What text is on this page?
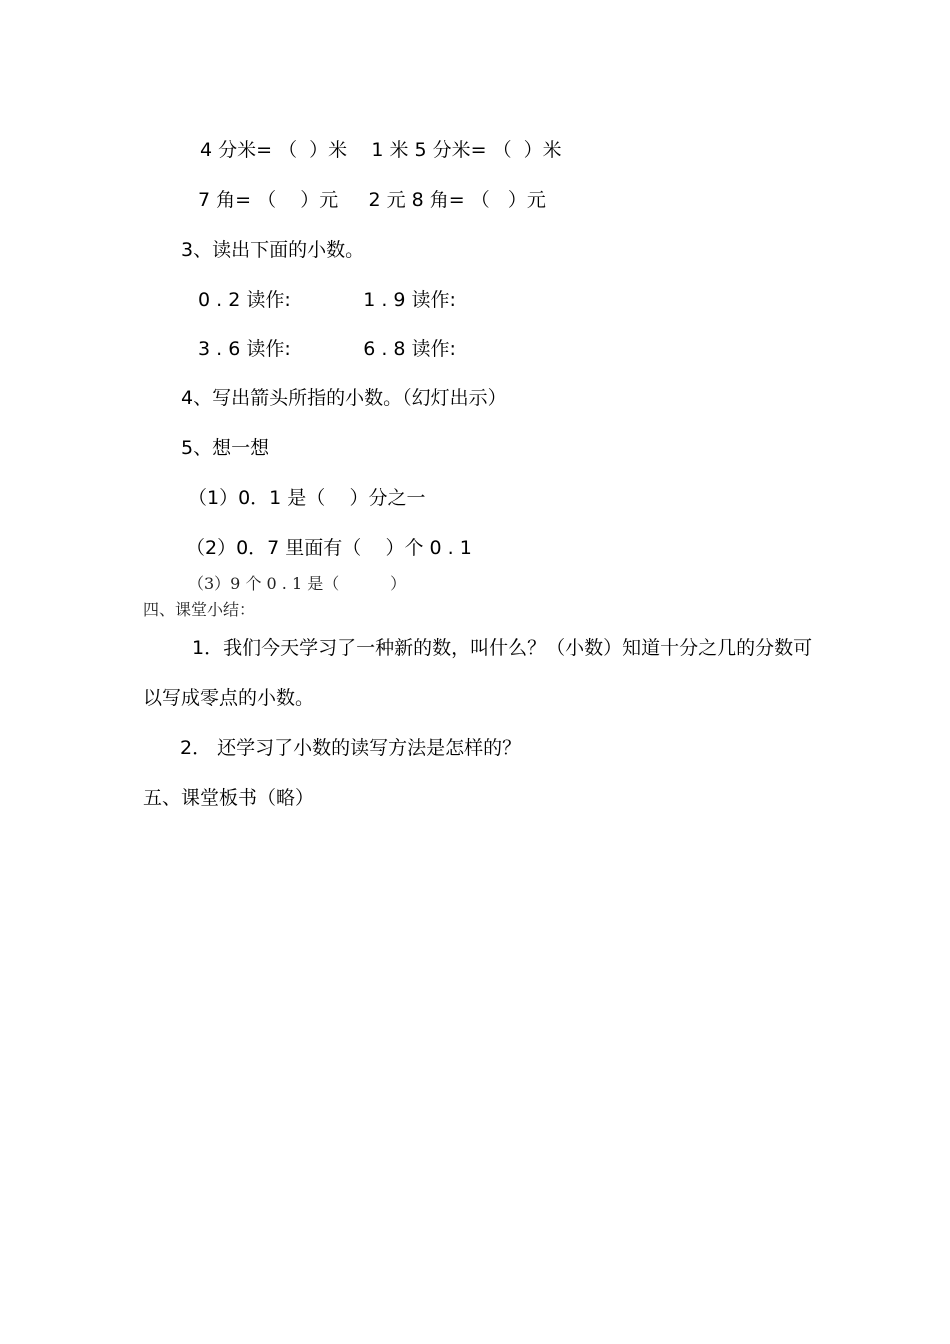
4 分米= （  ）米    1 米 5 分米= （  ）米
7 角= （    ）元     2 元 8 角= （   ）元
3、读出下面的小数。
0 . 2 读作:            1 . 9 读作:
3 . 6 读作:            6 . 8 读作:
4、写出箭头所指的小数。（幻灯出示）
5、想一想
（1）0．1 是（    ）分之一
（2）0．7 里面有（    ）个 0 . 1
（3）9 个 0 . 1 是（          ）
四、课堂小结：
1．我们今天学习了一种新的数，叫什么？（小数）知道十分之几的分数可
以写成零点的小数。
2． 还学习了小数的读写方法是怎样的？
五、课堂板书（略）
